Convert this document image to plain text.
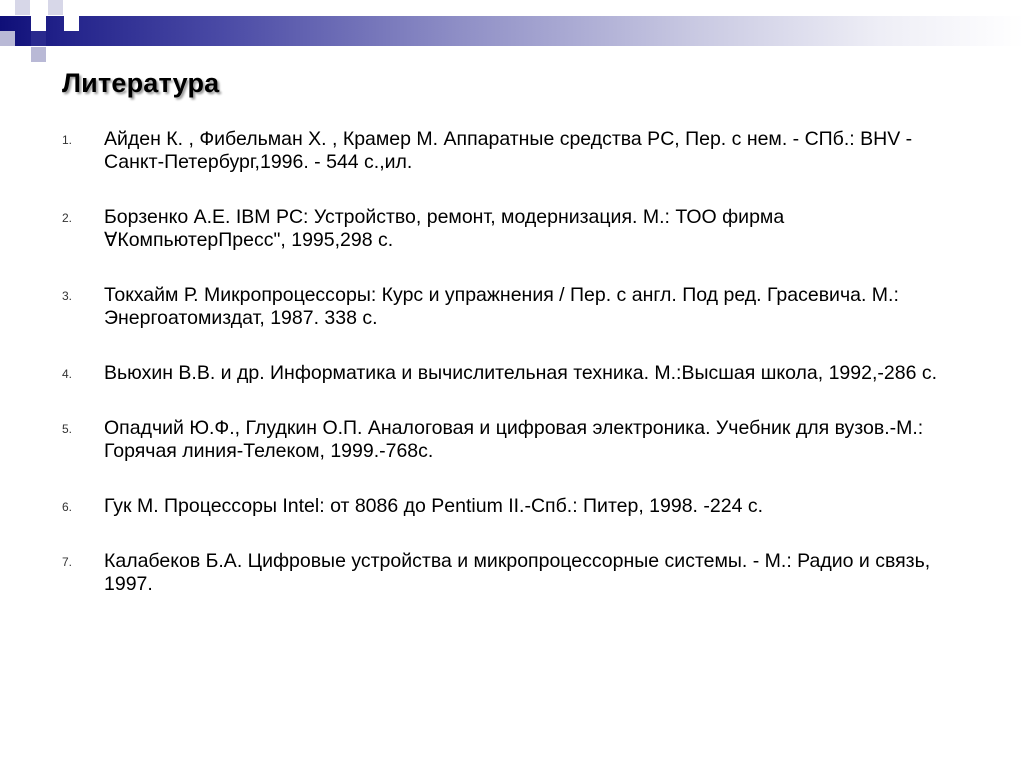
Литература
1. Айден К. , Фибельман Х. , Крамер М. Аппаратные средства PC, Пер. с нем. - СПб.: BHV - Санкт-Петербург,1996. - 544 с.,ил.
2. Борзенко А.Е. IBM PC: Устройство, ремонт, модернизация. М.: ТОО фирма ∀КомпьютерПресс", 1995,298 с.
3. Токхайм Р. Микропроцессоры: Курс и упражнения / Пер. с англ. Под ред. Грасевича. М.: Энергоатомиздат, 1987. 338 с.
4. Вьюхин В.В. и др. Информатика и вычислительная техника. М.:Высшая школа, 1992,-286 с.
5. Опадчий Ю.Ф., Глудкин О.П. Аналоговая и цифровая электроника. Учебник для вузов.-М.: Горячая линия-Телеком, 1999.-768с.
6. Гук М. Процессоры Intel: от 8086 до Pentium II.-Спб.: Питер, 1998. -224 с.
7. Калабеков Б.А. Цифровые устройства и микропроцессорные системы. - М.: Радио и связь, 1997.
